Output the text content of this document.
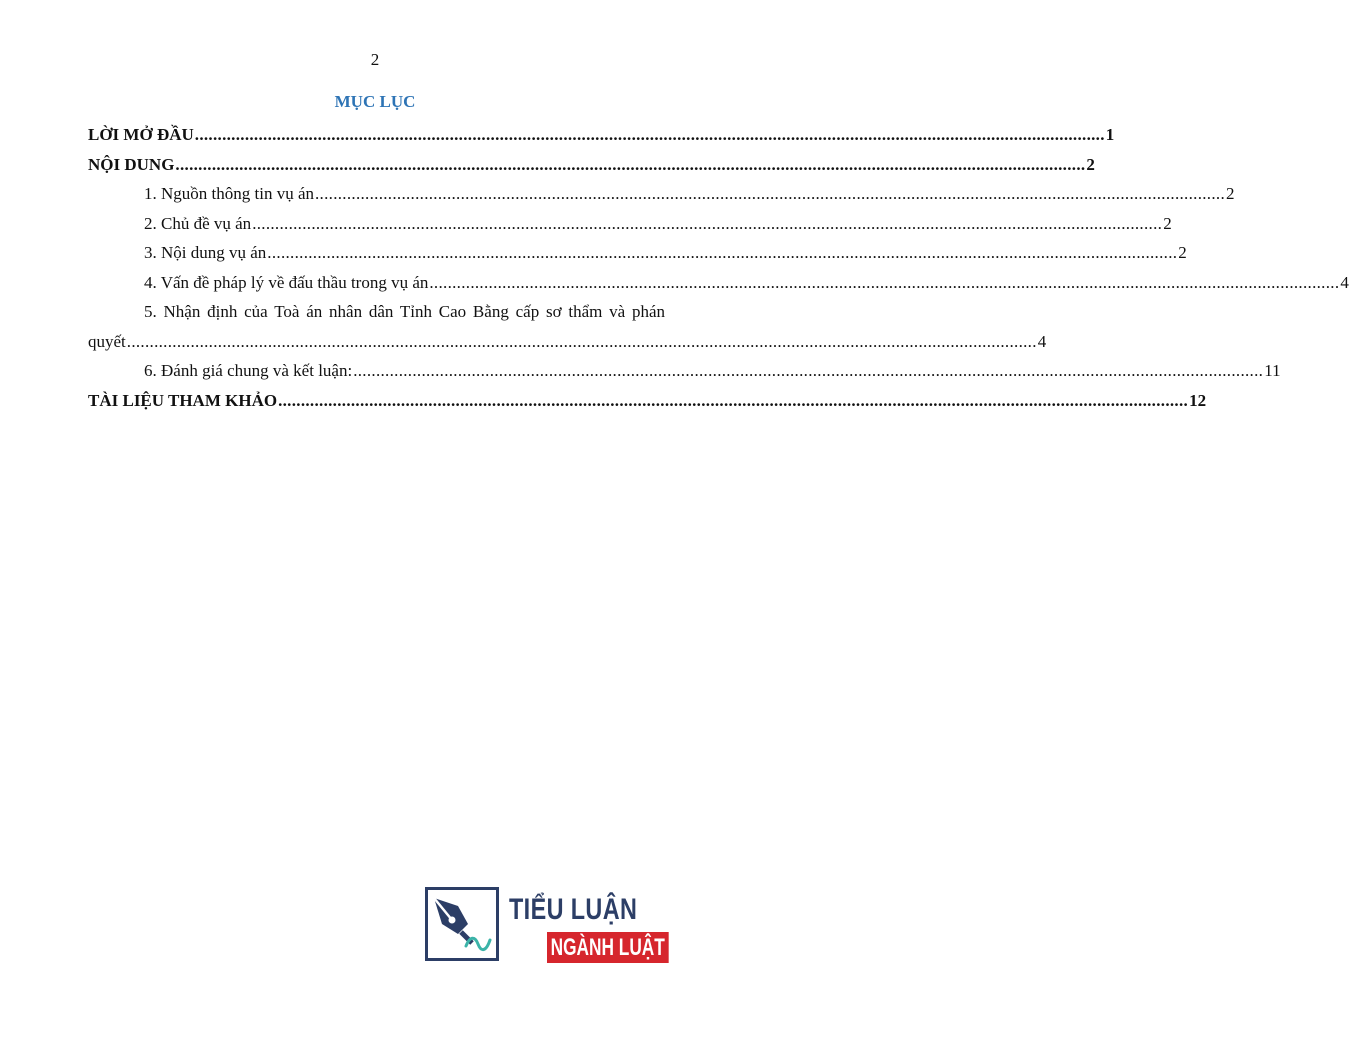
2
MỤC LỤC
LỜI MỞ ĐẦU ........................................................................................................................................................................................................ 1
NỘI DUNG ........................................................................................................................................................................................................ 2
1. Nguồn thông tin vụ án ........................................................................................................................................................................................................ 2
2. Chủ đề vụ án ........................................................................................................................................................................................................ 2
3. Nội dung vụ án ........................................................................................................................................................................................................ 2
4. Vấn đề pháp lý về đấu thầu trong vụ án ........................................................................................................................................................................................................ 4
5. Nhận định của Toà án nhân dân Tỉnh Cao Bằng cấp sơ thẩm và phán
quyết ........................................................................................................................................................................................................ 4
6. Đánh giá chung và kết luận: ........................................................................................................................................................................................................ 11
TÀI LIỆU THAM KHẢO ........................................................................................................................................................................................................ 12
TIỂU LUẬN
NGÀNH LUẬT
